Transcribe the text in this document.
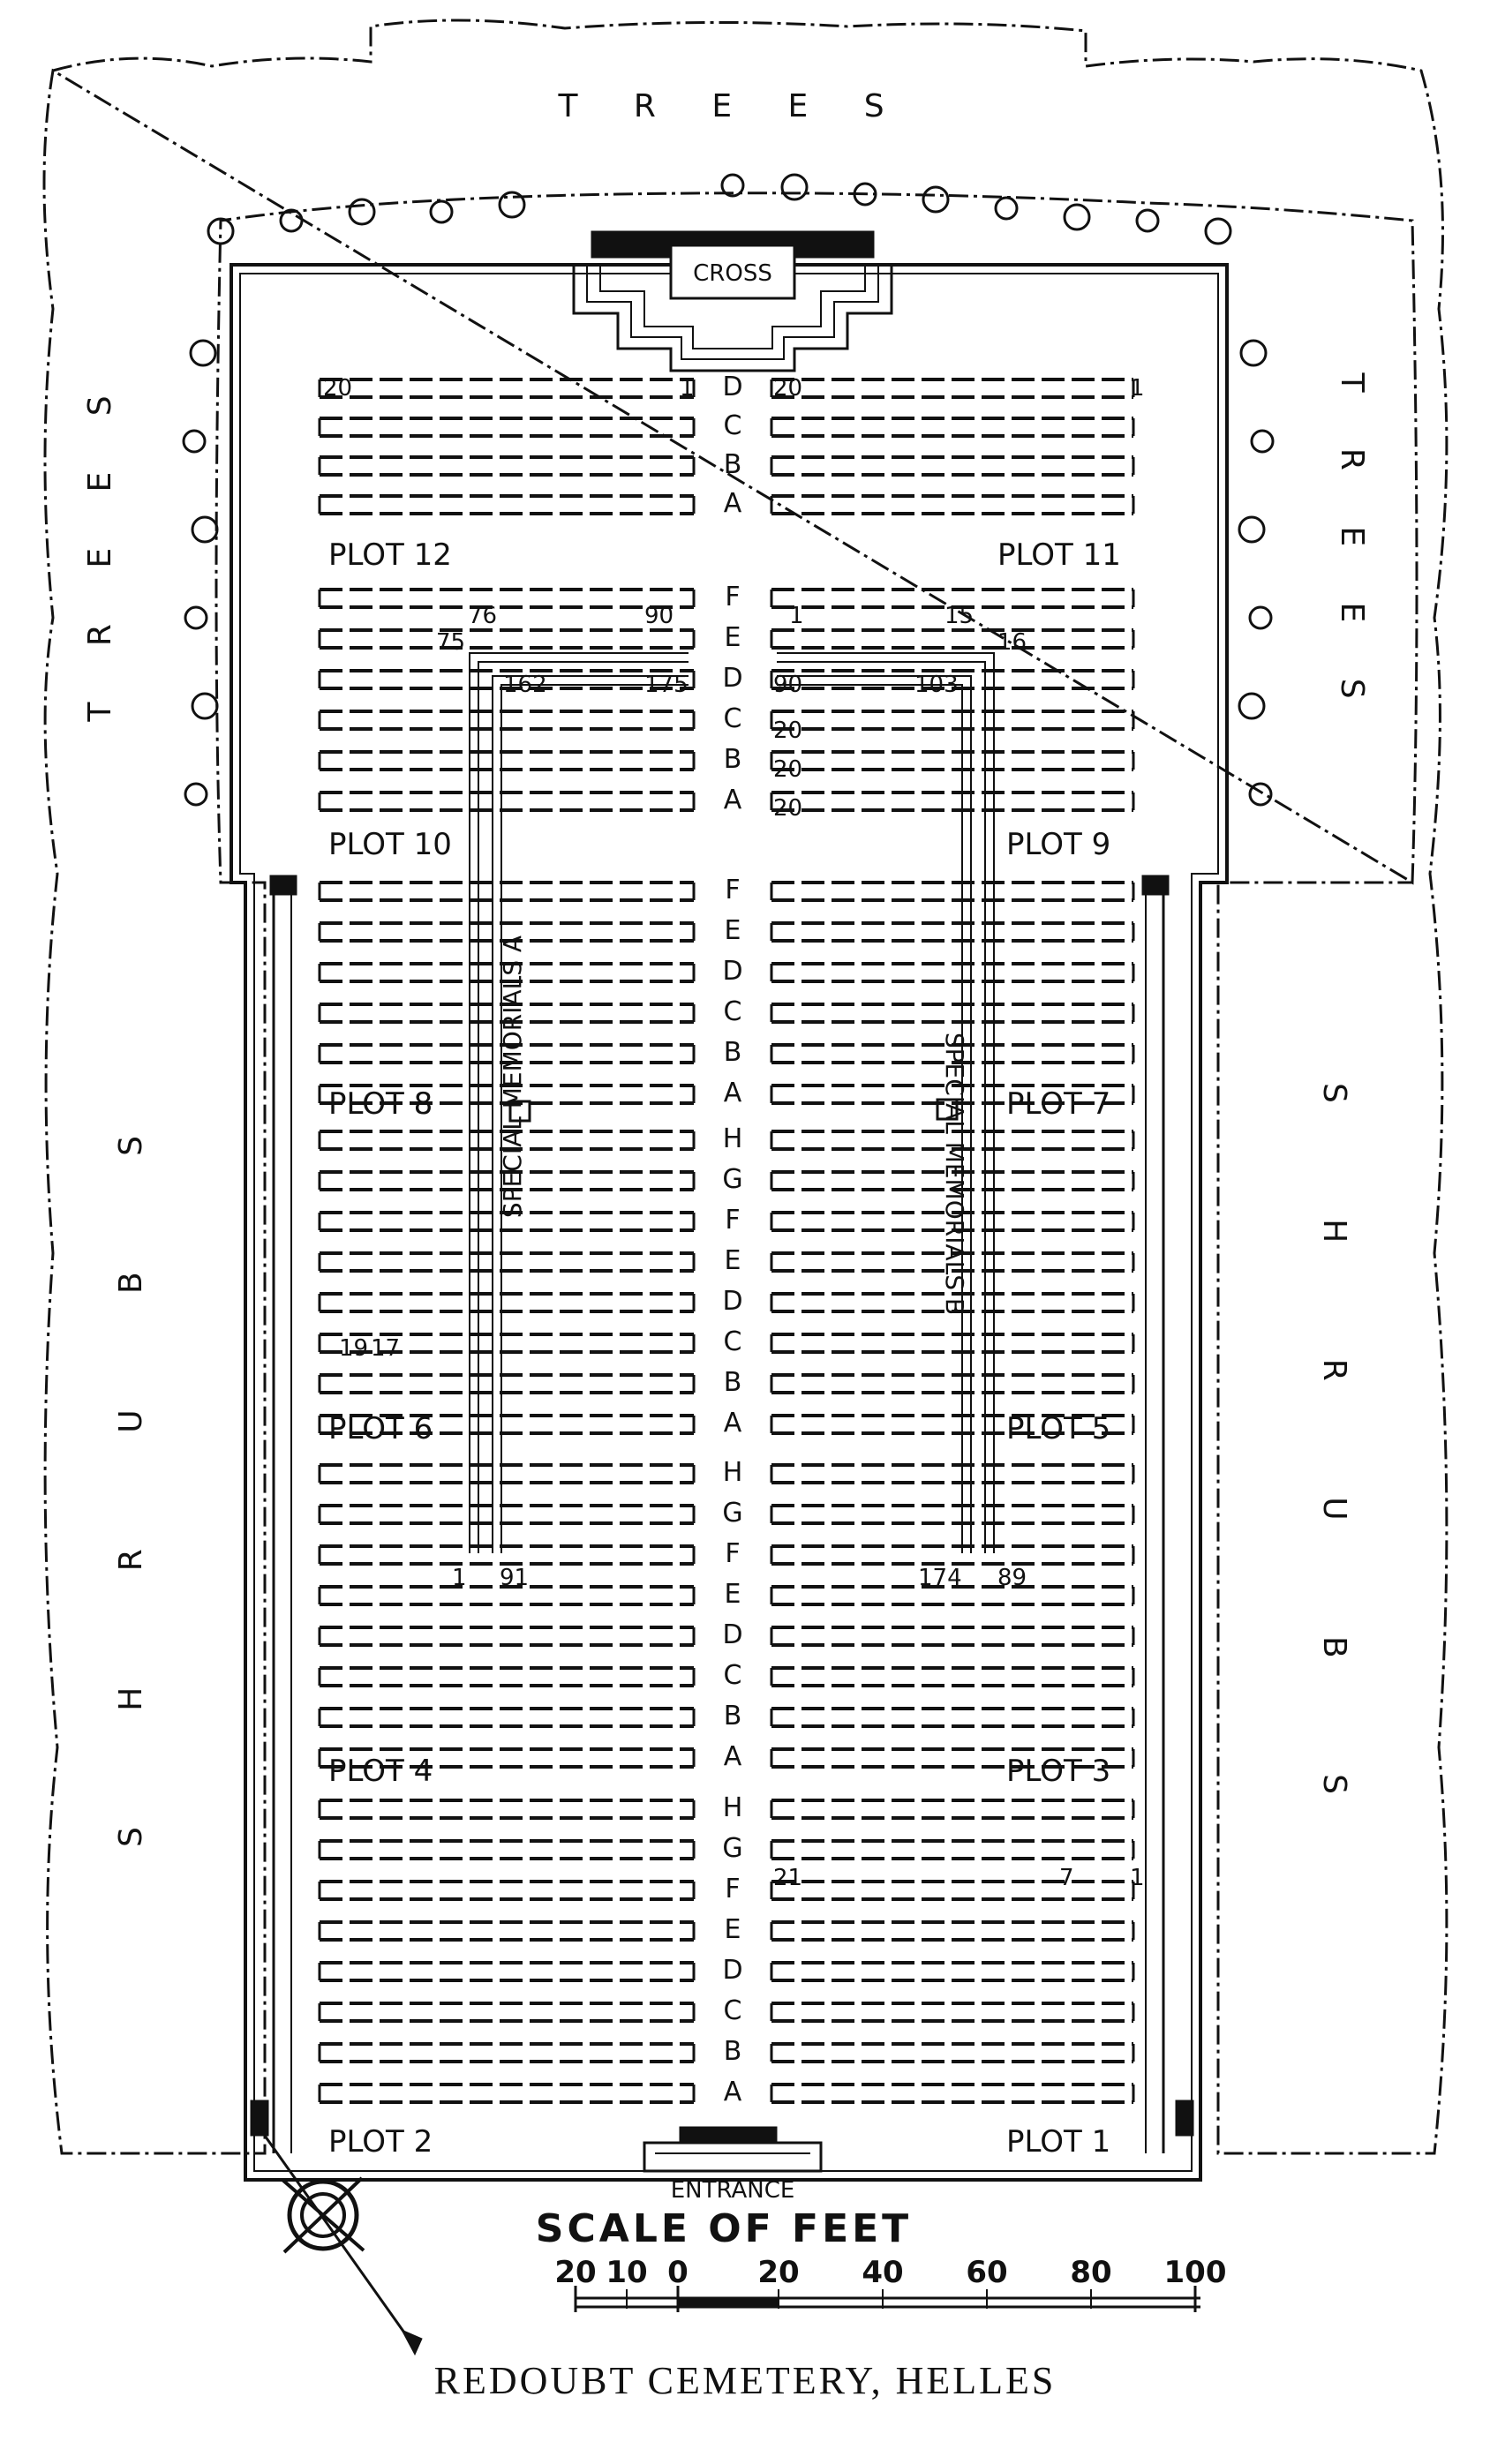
T R E E S
T R E E S
T R E E S
S H R U B S	S H R U B S
CROSS
ENTRANCE
D
C
B
A
F
E
D
C
B
A
F
E
D
C
B
A
H
G
F
E
D
C
B
A
H
G
F
E
D
C
B
A
H
G
F
E
D
C
B
A
PLOT 12	PLOT 11
PLOT 10	PLOT 9
PLOT 8	PLOT 7
PLOT 6	PLOT 5
PLOT 4	PLOT 3
PLOT 2	PLOT 1
SPECIAL MEMORIALS A	SPECIAL MEMORIALS B
20	1	20	1
76	90
75
162	175
1 91
1	15
16
90	103
174 89
20
20
20
19 17
21	7 1
SCALE OF FEET
20 10 0 20 40 60 80 100
REDOUBT CEMETERY, HELLES
